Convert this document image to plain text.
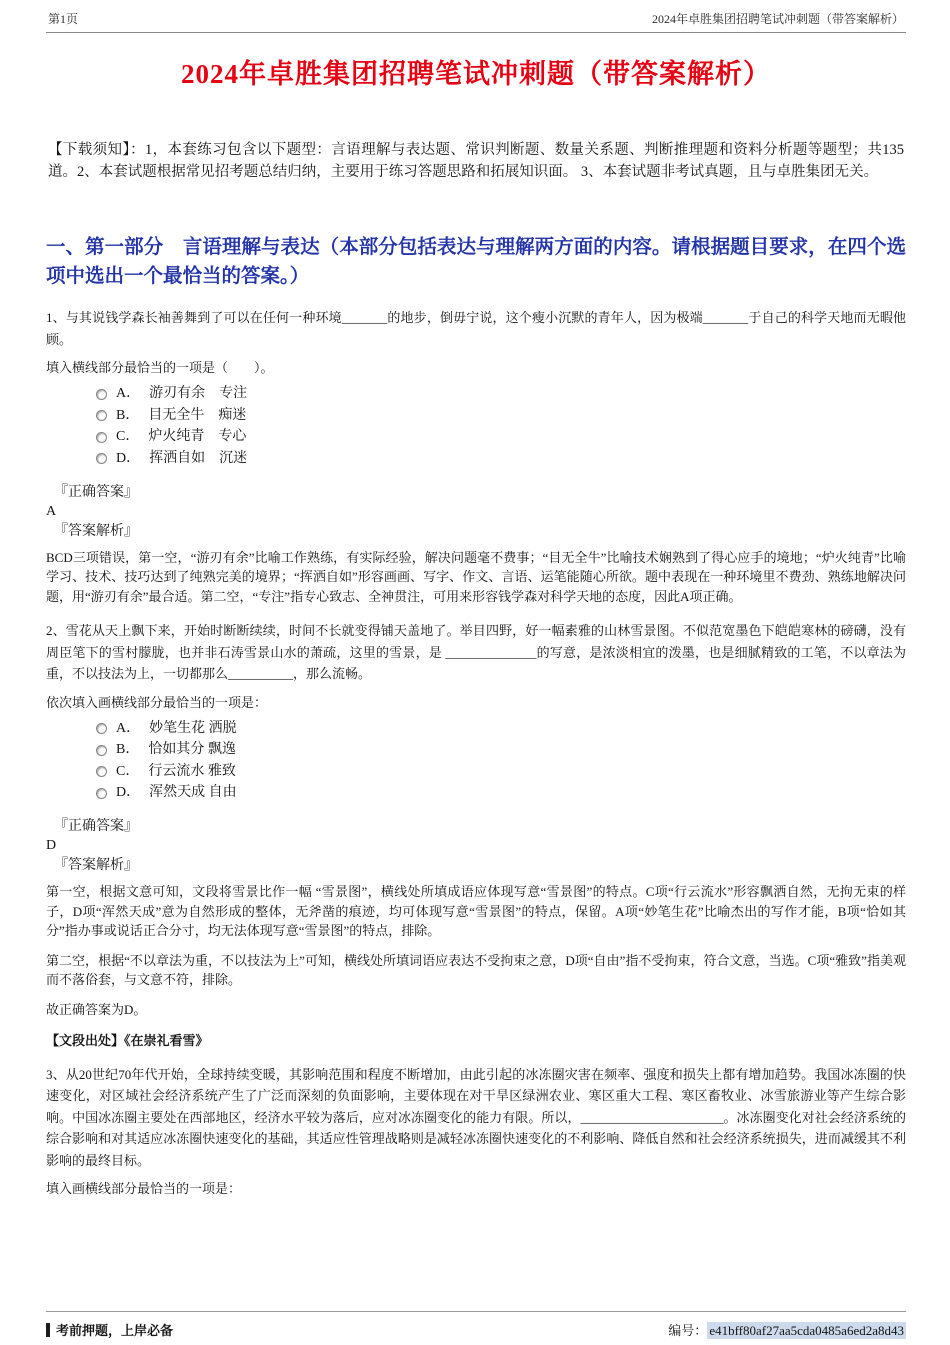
第1页	2024年卓胜集团招聘笔试冲刺题（带答案解析）
2024年卓胜集团招聘笔试冲刺题（带答案解析）

【下载须知】：1，本套练习包含以下题型：言语理解与表达题、常识判断题、数量关系题、判断推理题和资料分析题等题型；共135道。2、本套试题根据常见招考题总结归纳，主要用于练习答题思路和拓展知识面。 3、本套试题非考试真题，且与卓胜集团无关。

一、第一部分　言语理解与表达（本部分包括表达与理解两方面的内容。请根据题目要求，在四个选项中选出一个最恰当的答案。）

1、与其说钱学森长袖善舞到了可以在任何一种环境_______的地步，倒毋宁说，这个瘦小沉默的青年人，因为极端_______于自己的科学天地而无暇他顾。

填入横线部分最恰当的一项是（　　）。

A． 游刃有余　专注
B． 目无全牛　痴迷
C． 炉火纯青　专心
D． 挥洒自如　沉迷

『正确答案』

A

『答案解析』

BCD三项错误，第一空，“游刃有余”比喻工作熟练，有实际经验，解决问题毫不费事；“目无全牛”比喻技术娴熟到了得心应手的境地；“炉火纯青”比喻学习、技术、技巧达到了纯熟完美的境界；“挥洒自如”形容画画、写字、作文、言语、运笔能随心所欲。题中表现在一种环境里不费劲、熟练地解决问题，用“游刃有余”最合适。第二空，“专注”指专心致志、全神贯注，可用来形容钱学森对科学天地的态度，因此A项正确。

2、雪花从天上飘下来，开始时断断续续，时间不长就变得铺天盖地了。举目四野，好一幅素雅的山林雪景图。不似范宽墨色下皑皑寒林的磅礴，没有周臣笔下的雪村朦胧，也并非石涛雪景山水的萧疏，这里的雪景，是 ______________的写意，是浓淡相宜的泼墨，也是细腻精致的工笔，不以章法为重，不以技法为上，一切都那么__________，那么流畅。

依次填入画横线部分最恰当的一项是：

A． 妙笔生花 洒脱
B． 恰如其分 飘逸
C． 行云流水 雅致
D． 浑然天成 自由

『正确答案』

D

『答案解析』

第一空，根据文意可知，文段将雪景比作一幅 “雪景图”，横线处所填成语应体现写意“雪景图”的特点。C项“行云流水”形容飘洒自然，无拘无束的样子，D项“浑然天成”意为自然形成的整体，无斧凿的痕迹，均可体现写意“雪景图”的特点，保留。A项“妙笔生花”比喻杰出的写作才能，B项“恰如其分”指办事或说话正合分寸，均无法体现写意“雪景图”的特点，排除。

第二空，根据“不以章法为重，不以技法为上”可知，横线处所填词语应表达不受拘束之意，D项“自由”指不受拘束，符合文意，当选。C项“雅致”指美观而不落俗套，与文意不符，排除。

故正确答案为D。

【文段出处】《在崇礼看雪》

3、从20世纪70年代开始，全球持续变暖，其影响范围和程度不断增加，由此引起的冰冻圈灾害在频率、强度和损失上都有增加趋势。我国冰冻圈的快速变化，对区域社会经济系统产生了广泛而深刻的负面影响，主要体现在对干旱区绿洲农业、寒区重大工程、寒区畜牧业、冰雪旅游业等产生综合影响。中国冰冻圈主要处在西部地区，经济水平较为落后，应对冰冻圈变化的能力有限。所以，______________________。冰冻圈变化对社会经济系统的综合影响和对其适应冰冻圈快速变化的基础，其适应性管理战略则是减轻冰冻圈快速变化的不利影响、降低自然和社会经济系统损失，进而减缓其不利影响的最终目标。

填入画横线部分最恰当的一项是：

考前押题，上岸必备	编号： e41bff80af27aa5cda0485a6ed2a8d43
